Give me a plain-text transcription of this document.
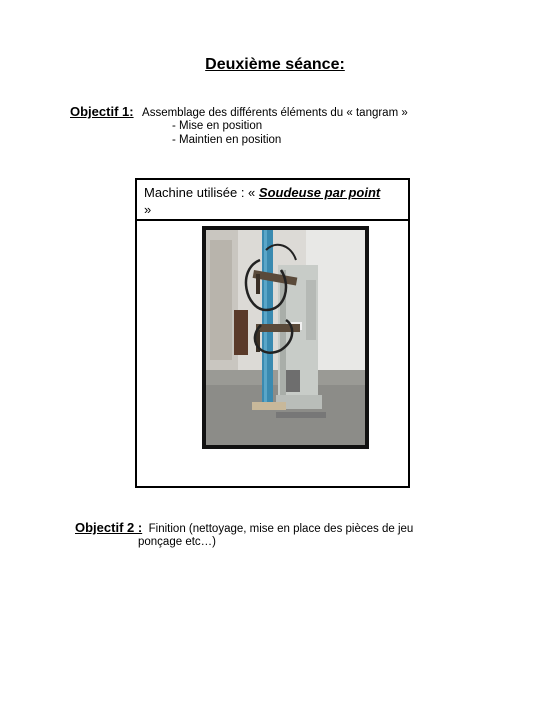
Deuxième séance:
Objectif 1: Assemblage des différents éléments du « tangram »
- Mise en position
- Maintien en position
Machine utilisée : « Soudeuse par point
»
Objectif 2 : Finition (nettoyage, mise en place des pièces de jeu
ponçage etc…)
